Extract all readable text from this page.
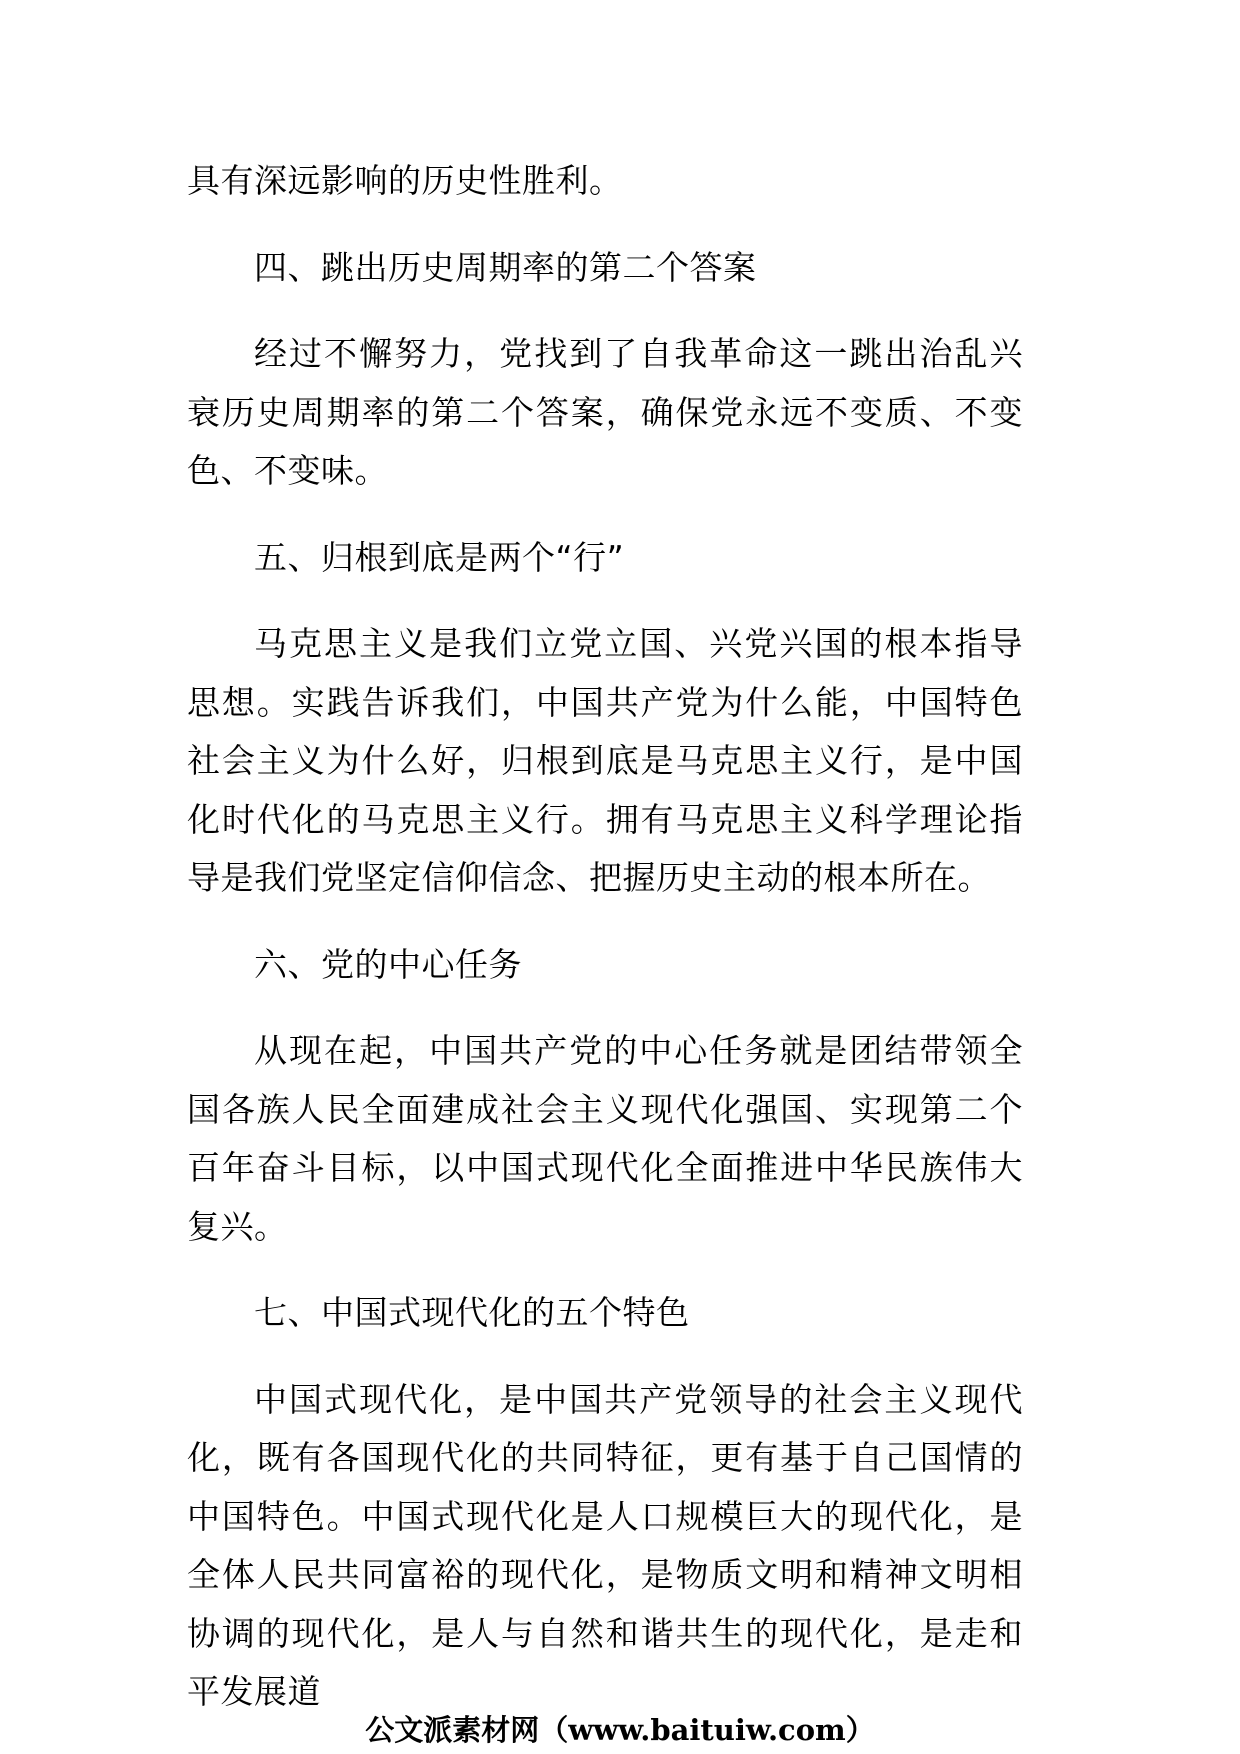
具有深远影响的历史性胜利。

四、跳出历史周期率的第二个答案

经过不懈努力，党找到了自我革命这一跳出治乱兴衰历史周期率的第二个答案，确保党永远不变质、不变色、不变味。

五、归根到底是两个“行”

马克思主义是我们立党立国、兴党兴国的根本指导思想。实践告诉我们，中国共产党为什么能，中国特色社会主义为什么好，归根到底是马克思主义行，是中国化时代化的马克思主义行。拥有马克思主义科学理论指导是我们党坚定信仰信念、把握历史主动的根本所在。

六、党的中心任务

从现在起，中国共产党的中心任务就是团结带领全国各族人民全面建成社会主义现代化强国、实现第二个百年奋斗目标，以中国式现代化全面推进中华民族伟大复兴。

七、中国式现代化的五个特色

中国式现代化，是中国共产党领导的社会主义现代化，既有各国现代化的共同特征，更有基于自己国情的中国特色。中国式现代化是人口规模巨大的现代化，是全体人民共同富裕的现代化，是物质文明和精神文明相协调的现代化，是人与自然和谐共生的现代化，是走和平发展道

公文派素材网（www.baituiw.com）
